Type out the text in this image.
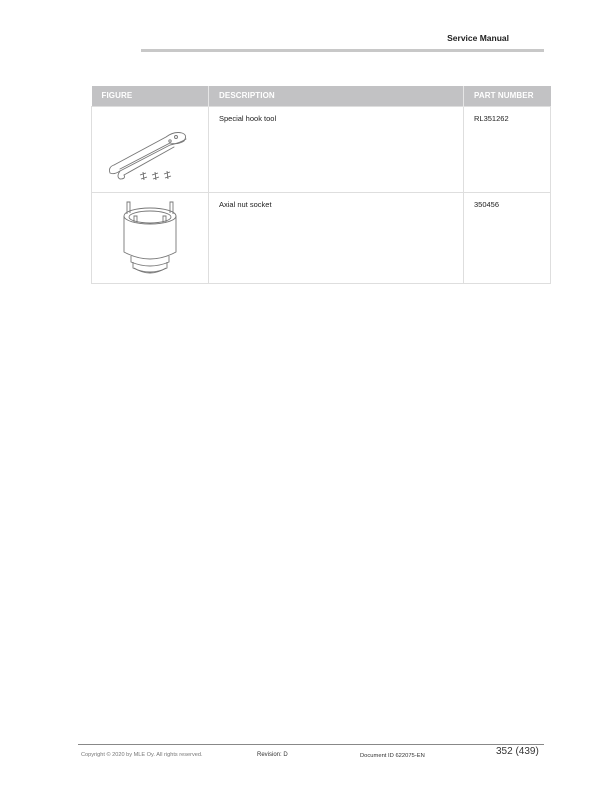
Service Manual
FIGURE	DESCRIPTION	PART NUMBER
	Special hook tool	RL351262
	Axial nut socket	350456
Copyright © 2020 by MLE Oy. All rights reserved.	Revision: D	Document ID 622075-EN	352 (439)
